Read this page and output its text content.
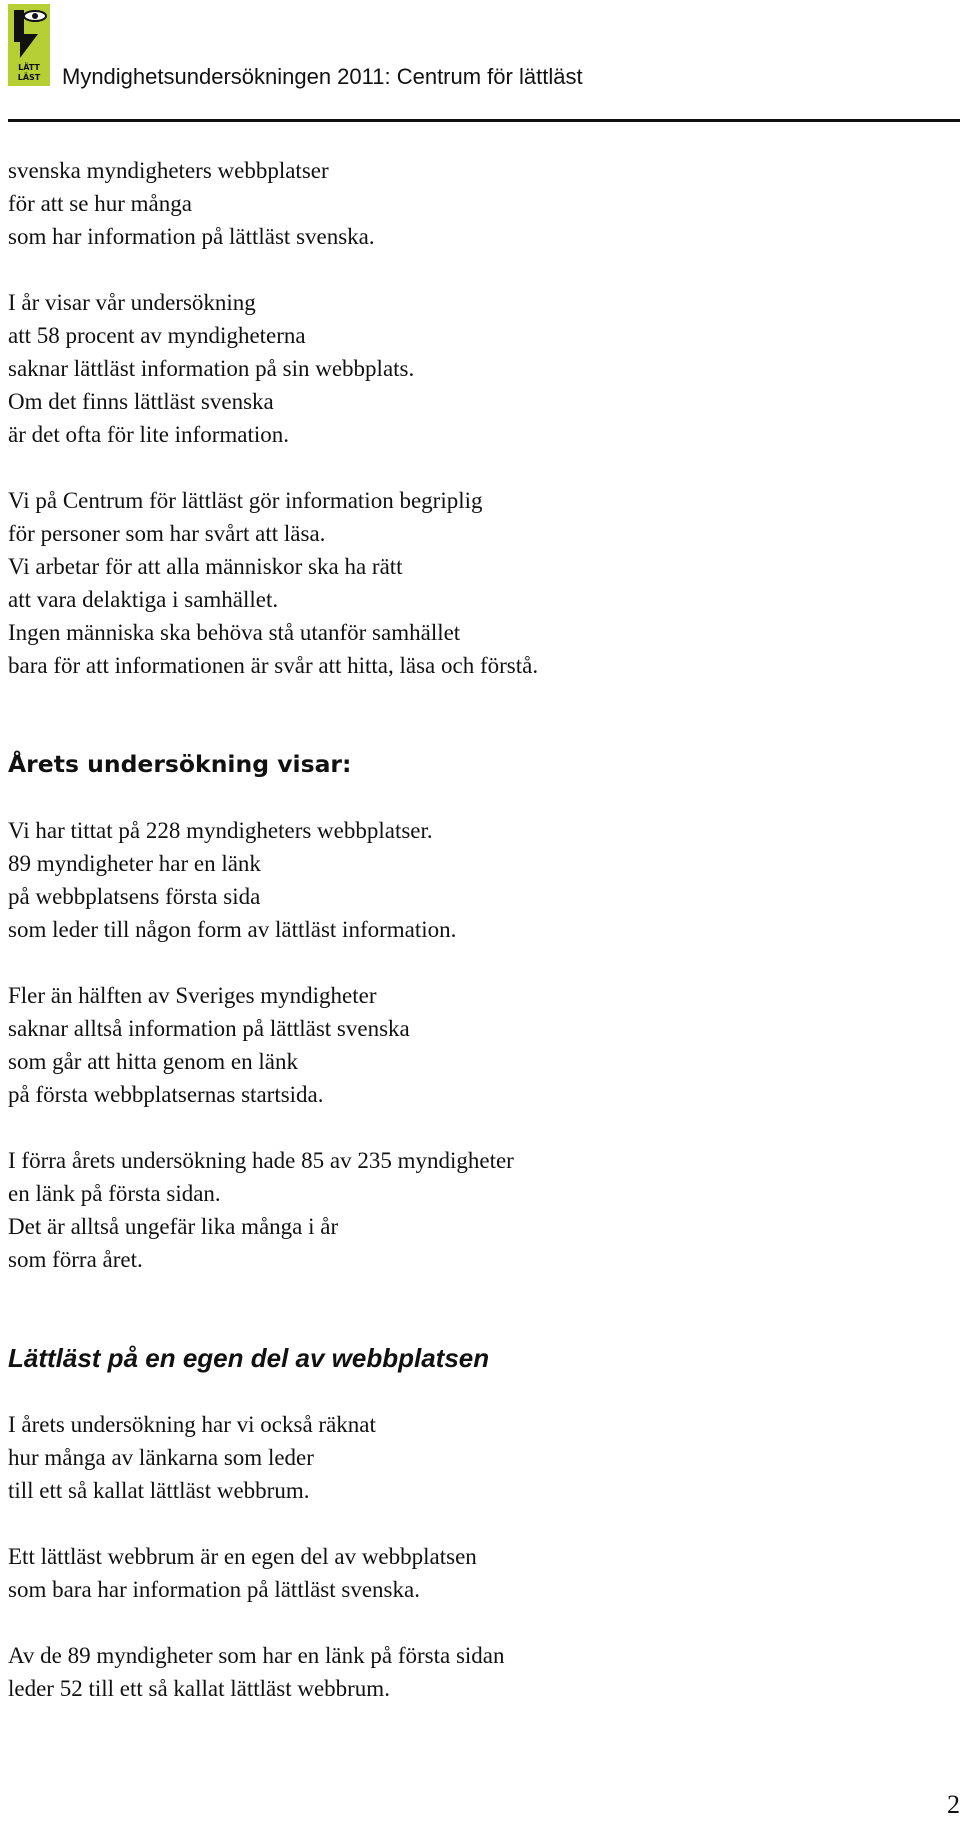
LÄTT
LÄST Myndighetsundersökningen 2011: Centrum för lättläst

svenska myndigheters webbplatser
för att se hur många
som har information på lättläst svenska.

I år visar vår undersökning
att 58 procent av myndigheterna
saknar lättläst information på sin webbplats.
Om det finns lättläst svenska
är det ofta för lite information.

Vi på Centrum för lättläst gör information begriplig
för personer som har svårt att läsa.
Vi arbetar för att alla människor ska ha rätt
att vara delaktiga i samhället.
Ingen människa ska behöva stå utanför samhället
bara för att informationen är svår att hitta, läsa och förstå.

Årets undersökning visar:

Vi har tittat på 228 myndigheters webbplatser.
89 myndigheter har en länk
på webbplatsens första sida
som leder till någon form av lättläst information.

Fler än hälften av Sveriges myndigheter
saknar alltså information på lättläst svenska
som går att hitta genom en länk
på första webbplatsernas startsida.

I förra årets undersökning hade 85 av 235 myndigheter
en länk på första sidan.
Det är alltså ungefär lika många i år
som förra året.

Lättläst på en egen del av webbplatsen

I årets undersökning har vi också räknat
hur många av länkarna som leder
till ett så kallat lättläst webbrum.

Ett lättläst webbrum är en egen del av webbplatsen
som bara har information på lättläst svenska.

Av de 89 myndigheter som har en länk på första sidan
leder 52 till ett så kallat lättläst webbrum.

2
